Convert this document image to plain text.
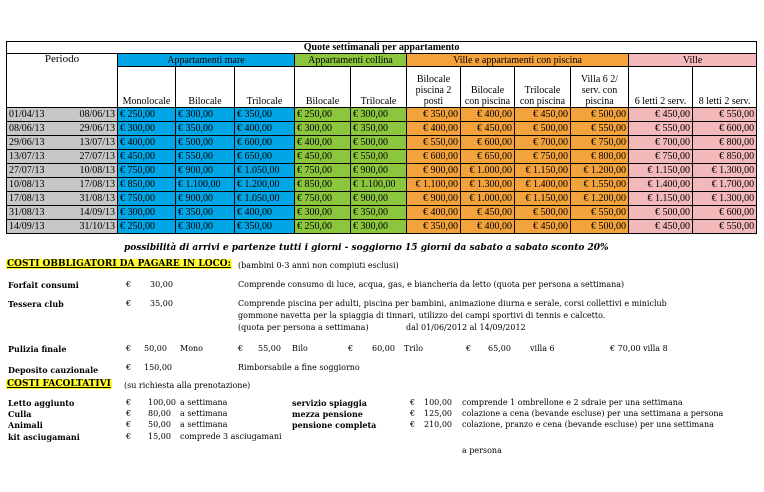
Quote settimanali per appartamento											
Periodo	Appartamenti mare			Appartamenti collina		Ville e appartamenti con piscina				Ville	
	Monolocale	Bilocale	Trilocale	Bilocale	Trilocale	Bilocale piscina 2 posti	Bilocale con piscina	Trilocale con piscina	Villa 6 2/ serv. con piscina	6 letti 2 serv.	8 letti 2 serv.

01/04/13 08/06/13	€ 250,00	€ 300,00	€ 350,00	€ 250,00	€ 300,00	€ 350,00	€ 400,00	€ 450,00	€ 500,00	€ 450,00	€ 550,00

08/06/13 29/06/13	€ 300,00	€ 350,00	€ 400,00	€ 300,00	€ 350,00	€ 400,00	€ 450,00	€ 500,00	€ 550,00	€ 550,00	€ 600,00

29/06/13 13/07/13	€ 400,00	€ 500,00	€ 600,00	€ 400,00	€ 500,00	€ 550,00	€ 600,00	€ 700,00	€ 750,00	€ 700,00	€ 800,00

13/07/13 27/07/13	€ 450,00	€ 550,00	€ 650,00	€ 450,00	€ 550,00	€ 600,00	€ 650,00	€ 750,00	€ 800,00	€ 750,00	€ 850,00

27/07/13 10/08/13	€ 750,00	€ 900,00	€ 1.050,00	€ 750,00	€ 900,00	€ 900,00	€ 1.000,00	€ 1.150,00	€ 1.200,00	€ 1.150,00	€ 1.300,00

10/08/13 17/08/13	€ 850,00	€ 1.100,00	€ 1.200,00	€ 850,00	€ 1.100,00	€ 1.100,00	€ 1.300,00	€ 1.400,00	€ 1.550,00	€ 1.400,00	€ 1.700,00

17/08/13 31/08/13	€ 750,00	€ 900,00	€ 1.050,00	€ 750,00	€ 900,00	€ 900,00	€ 1.000,00	€ 1.150,00	€ 1.200,00	€ 1.150,00	€ 1.300,00

31/08/13 14/09/13	€ 300,00	€ 350,00	€ 400,00	€ 300,00	€ 350,00	€ 400,00	€ 450,00	€ 500,00	€ 550,00	€ 500,00	€ 600,00

14/09/13 31/10/13	€ 250,00	€ 300,00	€ 350,00	€ 250,00	€ 300,00	€ 350,00	€ 400,00	€ 450,00	€ 500,00	€ 450,00	€ 550,00
possibilità di arrivi e partenze tutti i giorni - soggiorno 15 giorni da sabato a sabato sconto 20%
COSTI OBBLIGATORI DA PAGARE IN LOCO: (bambini 0-3 anni non compiuti esclusi)
Forfait consumi	€ 30,00	Comprende consumo di luce, acqua, gas, e biancheria da letto (quota per persona a settimana)
Tessera club	€ 35,00	Comprende piscina per adulti, piscina per bambini, animazione diurna e serale, corsi collettivi e miniclub
gommone navetta per la spiaggia di tinnari, utilizzo dei campi sportivi di tennis e calcetto.
(quota per persona a settimana)	dal 01/06/2012 al 14/09/2012
Pulizia finale	€ 50,00 Mono	€ 55,00 Bilo	€ 60,00 Trilo	€ 65,00 villa 6	€ 70,00 villa 8
Deposito cauzionale	€ 150,00	Rimborsabile a fine soggiorno
COSTI FACOLTATIVI (su richiesta alla prenotazione)
Letto aggiunto	€ 100,00 a settimana
Culla	€ 80,00 a settimana
Animali	€ 50,00 a settimana
kit asciugamani	€ 15,00 comprede 3 asciugamani
servizio spiaggia	€ 100,00 comprende 1 ombrellone e 2 sdraie per una settimana
mezza pensione	€ 125,00 colazione a cena (bevande escluse) per una settimana a persona
pensione completa	€ 210,00 colazione, pranzo e cena (bevande escluse) per una settimana
a persona
